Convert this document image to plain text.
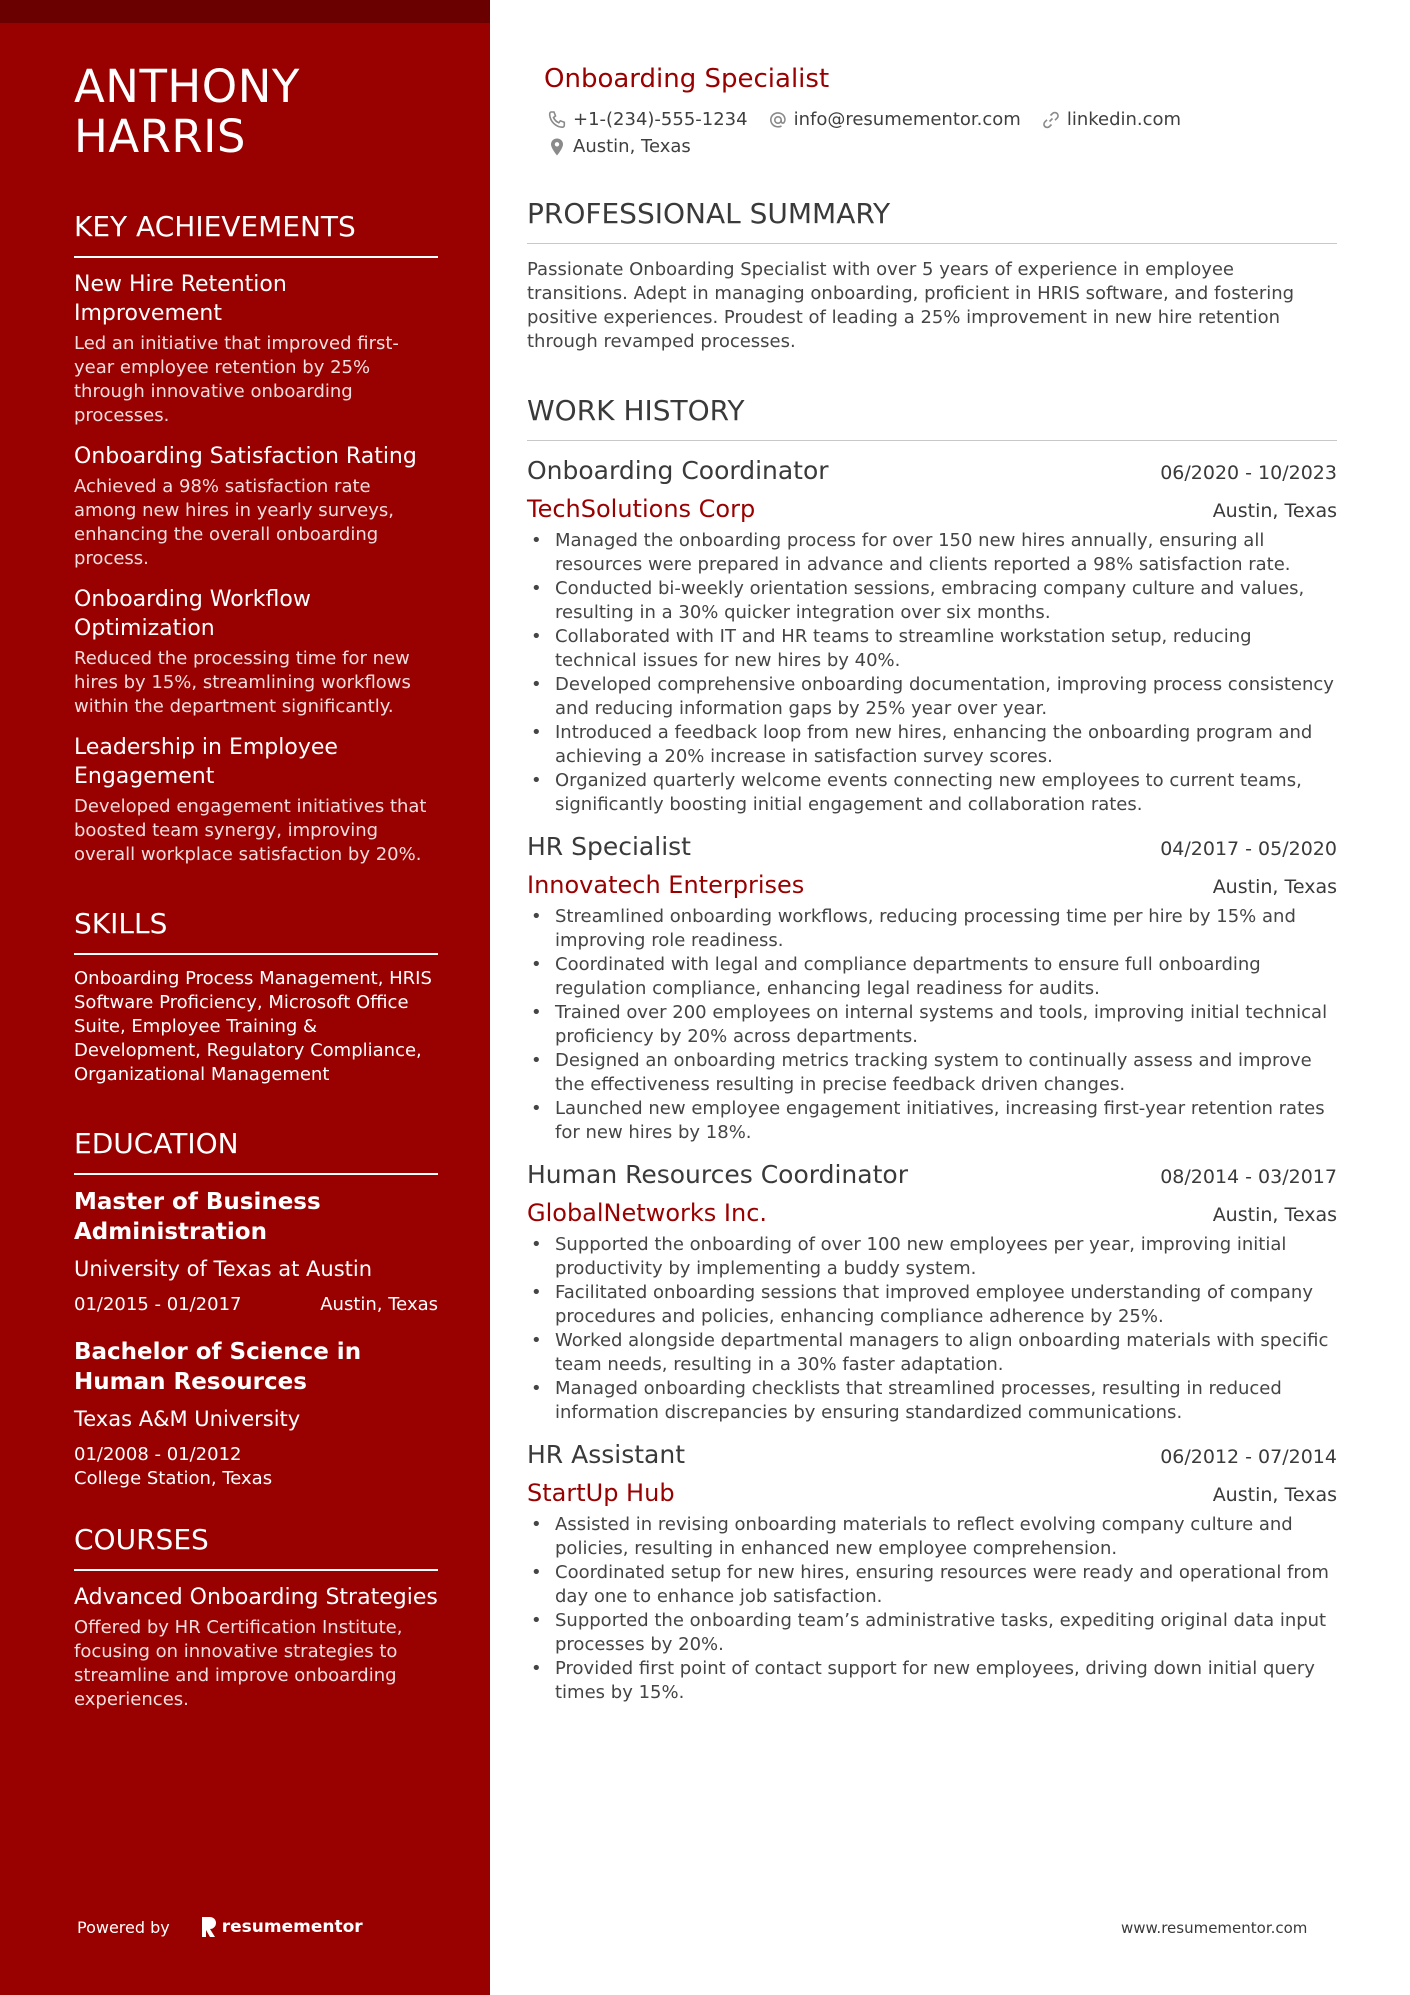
ANTHONY
HARRIS
KEY ACHIEVEMENTS
New Hire Retention Improvement
Led an initiative that improved first-year employee retention by 25% through innovative onboarding processes.
Onboarding Satisfaction Rating
Achieved a 98% satisfaction rate among new hires in yearly surveys, enhancing the overall onboarding process.
Onboarding Workflow Optimization
Reduced the processing time for new hires by 15%, streamlining workflows within the department significantly.
Leadership in Employee Engagement
Developed engagement initiatives that boosted team synergy, improving overall workplace satisfaction by 20%.
SKILLS
Onboarding Process Management, HRIS Software Proficiency, Microsoft Office Suite, Employee Training & Development, Regulatory Compliance, Organizational Management
EDUCATION
Master of Business Administration
University of Texas at Austin
01/2015 - 01/2017	Austin, Texas
Bachelor of Science in Human Resources
Texas A&M University
01/2008 - 01/2012
College Station, Texas
COURSES
Advanced Onboarding Strategies
Offered by HR Certification Institute, focusing on innovative strategies to streamline and improve onboarding experiences.
Powered by	resumementor
Onboarding Specialist
+1-(234)-555-1234	info@resumementor.com	linkedin.com
Austin, Texas
PROFESSIONAL SUMMARY
Passionate Onboarding Specialist with over 5 years of experience in employee transitions. Adept in managing onboarding, proficient in HRIS software, and fostering positive experiences. Proudest of leading a 25% improvement in new hire retention through revamped processes.
WORK HISTORY
Onboarding Coordinator	06/2020 - 10/2023
TechSolutions Corp	Austin, Texas
• Managed the onboarding process for over 150 new hires annually, ensuring all resources were prepared in advance and clients reported a 98% satisfaction rate.
• Conducted bi-weekly orientation sessions, embracing company culture and values, resulting in a 30% quicker integration over six months.
• Collaborated with IT and HR teams to streamline workstation setup, reducing technical issues for new hires by 40%.
• Developed comprehensive onboarding documentation, improving process consistency and reducing information gaps by 25% year over year.
• Introduced a feedback loop from new hires, enhancing the onboarding program and achieving a 20% increase in satisfaction survey scores.
• Organized quarterly welcome events connecting new employees to current teams, significantly boosting initial engagement and collaboration rates.
HR Specialist	04/2017 - 05/2020
Innovatech Enterprises	Austin, Texas
• Streamlined onboarding workflows, reducing processing time per hire by 15% and improving role readiness.
• Coordinated with legal and compliance departments to ensure full onboarding regulation compliance, enhancing legal readiness for audits.
• Trained over 200 employees on internal systems and tools, improving initial technical proficiency by 20% across departments.
• Designed an onboarding metrics tracking system to continually assess and improve the effectiveness resulting in precise feedback driven changes.
• Launched new employee engagement initiatives, increasing first-year retention rates for new hires by 18%.
Human Resources Coordinator	08/2014 - 03/2017
GlobalNetworks Inc.	Austin, Texas
• Supported the onboarding of over 100 new employees per year, improving initial productivity by implementing a buddy system.
• Facilitated onboarding sessions that improved employee understanding of company procedures and policies, enhancing compliance adherence by 25%.
• Worked alongside departmental managers to align onboarding materials with specific team needs, resulting in a 30% faster adaptation.
• Managed onboarding checklists that streamlined processes, resulting in reduced information discrepancies by ensuring standardized communications.
HR Assistant	06/2012 - 07/2014
StartUp Hub	Austin, Texas
• Assisted in revising onboarding materials to reflect evolving company culture and policies, resulting in enhanced new employee comprehension.
• Coordinated setup for new hires, ensuring resources were ready and operational from day one to enhance job satisfaction.
• Supported the onboarding team’s administrative tasks, expediting original data input processes by 20%.
• Provided first point of contact support for new employees, driving down initial query times by 15%.
www.resumementor.com
